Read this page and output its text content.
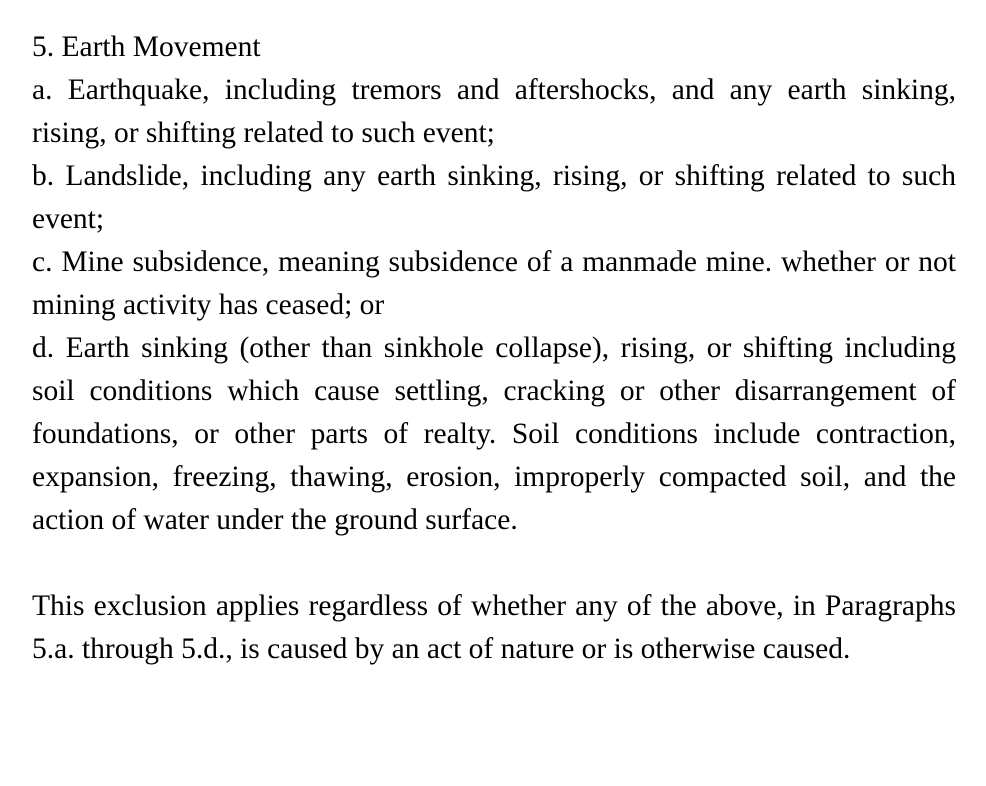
5. Earth Movement

a. Earthquake, including tremors and aftershocks, and any earth sinking, rising, or shifting related to such event;

b. Landslide, including any earth sinking, rising, or shifting related to such event;

c. Mine subsidence, meaning subsidence of a manmade mine. whether or not mining activity has ceased; or

d. Earth sinking (other than sinkhole collapse), rising, or shifting including soil conditions which cause settling, cracking or other disarrangement of foundations, or other parts of realty. Soil conditions include contraction, expansion, freezing, thawing, erosion, improperly compacted soil, and the action of water under the ground surface.

This exclusion applies regardless of whether any of the above, in Paragraphs 5.a. through 5.d., is caused by an act of nature or is otherwise caused.
